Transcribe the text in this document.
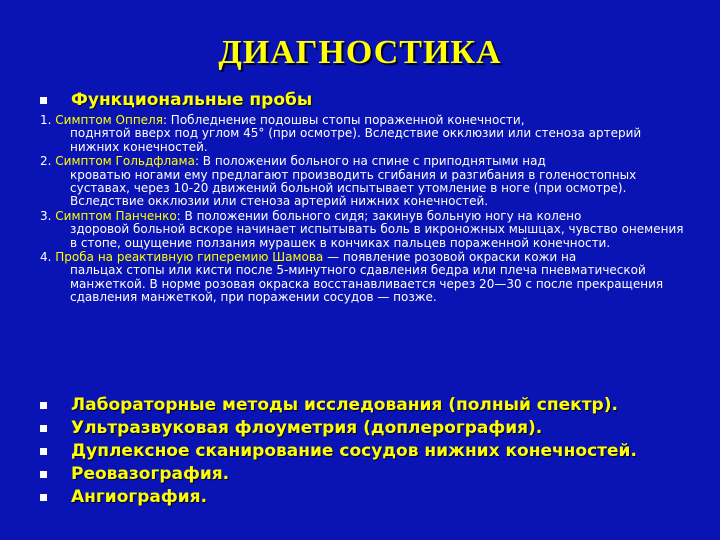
ДИАГНОСТИКА
Функциональные пробы
1. Симптом Оппеля: Побледнение подошвы стопы пораженной конечности,
поднятой вверх под углом 45° (при осмотре). Вследствие окклюзии или стеноза артерий нижних конечностей.
2. Симптом Гольдфлама: В положении больного на спине с приподнятыми над
кроватью ногами ему предлагают производить сгибания и разгибания в голеностопных суставах, через 10-20 движений больной испытывает утомление в ноге (при осмотре). Вследствие окклюзии или стеноза артерий нижних конечностей.
3. Симптом Панченко: В положении больного сидя; закинув больную ногу на колено
здоровой больной вскоре начинает испытывать боль в икроножных мышцах, чувство онемения в стопе, ощущение ползания мурашек в кончиках пальцев пораженной конечности.
4. Проба на реактивную гиперемию Шамова — появление розовой окраски кожи на
пальцах стопы или кисти после 5-минутного сдавления бедра или плеча пневматической манжеткой. В норме розовая окраска восстанавливается через 20—30 с после прекращения сдавления манжеткой, при поражении сосудов — позже.
Лабораторные методы исследования (полный спектр).
Ультразвуковая флоуметрия (доплерография).
Дуплексное сканирование сосудов нижних конечностей.
Реовазография.
Ангиография.
